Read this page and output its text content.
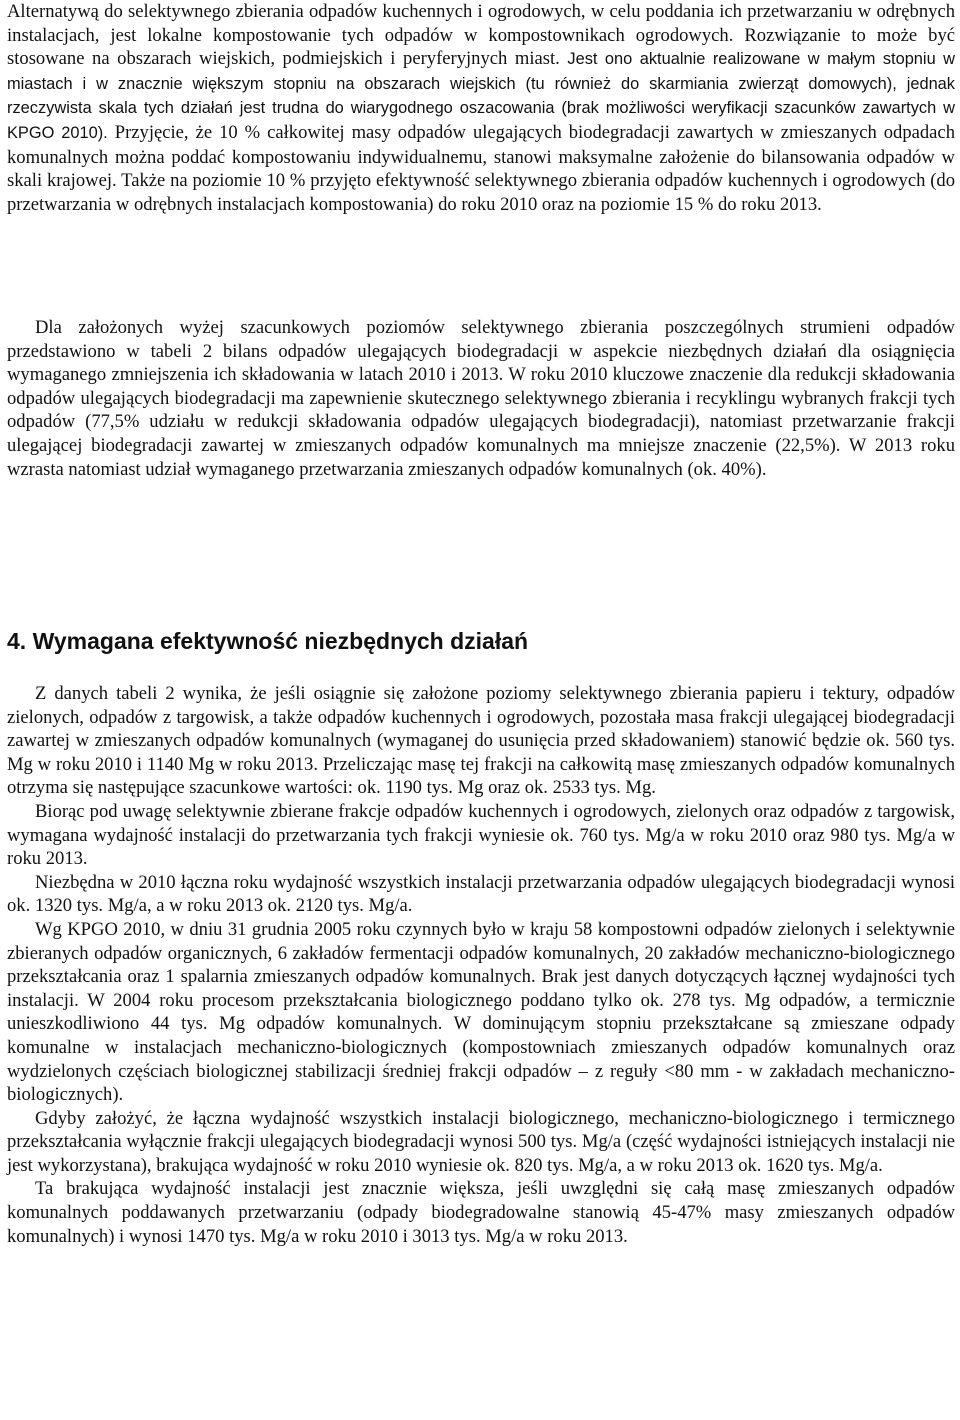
Alternatywą do selektywnego zbierania odpadów kuchennych i ogrodowych, w celu poddania ich przetwarzaniu w odrębnych instalacjach, jest lokalne kompostowanie tych odpadów w kompostownikach ogrodowych. Rozwiązanie to może być stosowane na obszarach wiejskich, podmiejskich i peryferyjnych miast. Jest ono aktualnie realizowane w małym stopniu w miastach i w znacznie większym stopniu na obszarach wiejskich (tu również do skarmiania zwierząt domowych), jednak rzeczywista skala tych działań jest trudna do wiarygodnego oszacowania (brak możliwości weryfikacji szacunków zawartych w KPGO 2010). Przyjęcie, że 10 % całkowitej masy odpadów ulegających biodegradacji zawartych w zmieszanych odpadach komunalnych można poddać kompostowaniu indywidualnemu, stanowi maksymalne założenie do bilansowania odpadów w skali krajowej. Także na poziomie 10 % przyjęto efektywność selektywnego zbierania odpadów kuchennych i ogrodowych (do przetwarzania w odrębnych instalacjach kompostowania) do roku 2010 oraz na poziomie 15 % do roku 2013.

Dla założonych wyżej szacunkowych poziomów selektywnego zbierania poszczególnych strumieni odpadów przedstawiono w tabeli 2 bilans odpadów ulegających biodegradacji w aspekcie niezbędnych działań dla osiągnięcia wymaganego zmniejszenia ich składowania w latach 2010 i 2013. W roku 2010 kluczowe znaczenie dla redukcji składowania odpadów ulegających biodegradacji ma zapewnienie skutecznego selektywnego zbierania i recyklingu wybranych frakcji tych odpadów (77,5% udziału w redukcji składowania odpadów ulegających biodegradacji), natomiast przetwarzanie frakcji ulegającej biodegradacji zawartej w zmieszanych odpadów komunalnych ma mniejsze znaczenie (22,5%). W 2013 roku wzrasta natomiast udział wymaganego przetwarzania zmieszanych odpadów komunalnych (ok. 40%).

4. Wymagana efektywność niezbędnych działań

Z danych tabeli 2 wynika, że jeśli osiągnie się założone poziomy selektywnego zbierania papieru i tektury, odpadów zielonych, odpadów z targowisk, a także odpadów kuchennych i ogrodowych, pozostała masa frakcji ulegającej biodegradacji zawartej w zmieszanych odpadów komunalnych (wymaganej do usunięcia przed składowaniem) stanowić będzie ok. 560 tys. Mg w roku 2010 i 1140 Mg w roku 2013. Przeliczając masę tej frakcji na całkowitą masę zmieszanych odpadów komunalnych otrzyma się następujące szacunkowe wartości: ok. 1190 tys. Mg oraz ok. 2533 tys. Mg.

Biorąc pod uwagę selektywnie zbierane frakcje odpadów kuchennych i ogrodowych, zielonych oraz odpadów z targowisk, wymagana wydajność instalacji do przetwarzania tych frakcji wyniesie ok. 760 tys. Mg/a w roku 2010 oraz 980 tys. Mg/a w roku 2013.

Niezbędna w 2010 łączna roku wydajność wszystkich instalacji przetwarzania odpadów ulegających biodegradacji wynosi ok. 1320 tys. Mg/a, a w roku 2013 ok. 2120 tys. Mg/a.

Wg KPGO 2010, w dniu 31 grudnia 2005 roku czynnych było w kraju 58 kompostowni odpadów zielonych i selektywnie zbieranych odpadów organicznych, 6 zakładów fermentacji odpadów komunalnych, 20 zakładów mechaniczno-biologicznego przekształcania oraz 1 spalarnia zmieszanych odpadów komunalnych. Brak jest danych dotyczących łącznej wydajności tych instalacji. W 2004 roku procesom przekształcania biologicznego poddano tylko ok. 278 tys. Mg odpadów, a termicznie unieszkodliwiono 44 tys. Mg odpadów komunalnych. W dominującym stopniu przekształcane są zmieszane odpady komunalne w instalacjach mechaniczno-biologicznych (kompostowniach zmieszanych odpadów komunalnych oraz wydzielonych częściach biologicznej stabilizacji średniej frakcji odpadów – z reguły <80 mm - w zakładach mechaniczno-biologicznych).

Gdyby założyć, że łączna wydajność wszystkich instalacji biologicznego, mechaniczno-biologicznego i termicznego przekształcania wyłącznie frakcji ulegających biodegradacji wynosi 500 tys. Mg/a (część wydajności istniejących instalacji nie jest wykorzystana), brakująca wydajność w roku 2010 wyniesie ok. 820 tys. Mg/a, a w roku 2013 ok. 1620 tys. Mg/a.

Ta brakująca wydajność instalacji jest znacznie większa, jeśli uwzględni się całą masę zmieszanych odpadów komunalnych poddawanych przetwarzaniu (odpady biodegradowalne stanowią 45-47% masy zmieszanych odpadów komunalnych) i wynosi 1470 tys. Mg/a w roku 2010 i 3013 tys. Mg/a w roku 2013.
